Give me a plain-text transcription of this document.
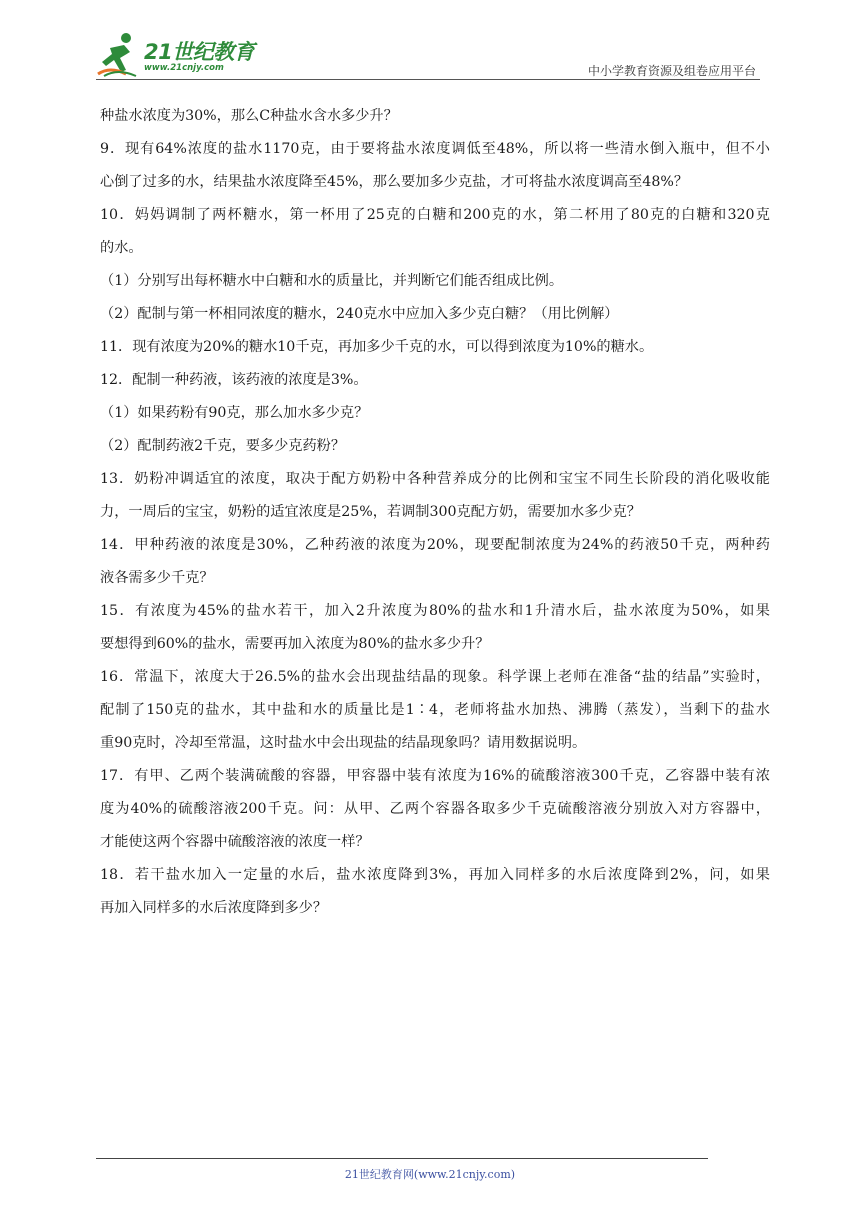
21世纪教育
www.21cnjy.com	中小学教育资源及组卷应用平台
种盐水浓度为30%，那么C种盐水含水多少升？
9．现有64%浓度的盐水1170克，由于要将盐水浓度调低至48%，所以将一些清水倒入瓶中，但不小
心倒了过多的水，结果盐水浓度降至45%，那么要加多少克盐，才可将盐水浓度调高至48%？
10．妈妈调制了两杯糖水，第一杯用了25克的白糖和200克的水，第二杯用了80克的白糖和320克
的水。
（1）分别写出每杯糖水中白糖和水的质量比，并判断它们能否组成比例。
（2）配制与第一杯相同浓度的糖水，240克水中应加入多少克白糖？（用比例解）
11．现有浓度为20%的糖水10千克，再加多少千克的水，可以得到浓度为10%的糖水。
12．配制一种药液，该药液的浓度是3%。
（1）如果药粉有90克，那么加水多少克？
（2）配制药液2千克，要多少克药粉？
13．奶粉冲调适宜的浓度，取决于配方奶粉中各种营养成分的比例和宝宝不同生长阶段的消化吸收能
力，一周后的宝宝，奶粉的适宜浓度是25%，若调制300克配方奶，需要加水多少克？
14．甲种药液的浓度是30%，乙种药液的浓度为20%，现要配制浓度为24%的药液50千克，两种药
液各需多少千克？
15．有浓度为45%的盐水若干，加入2升浓度为80%的盐水和1升清水后，盐水浓度为50%，如果
要想得到60%的盐水，需要再加入浓度为80%的盐水多少升？
16．常温下，浓度大于26.5%的盐水会出现盐结晶的现象。科学课上老师在准备“盐的结晶”实验时，
配制了150克的盐水，其中盐和水的质量比是1∶4，老师将盐水加热、沸腾（蒸发），当剩下的盐水
重90克时，冷却至常温，这时盐水中会出现盐的结晶现象吗？请用数据说明。
17．有甲、乙两个装满硫酸的容器，甲容器中装有浓度为16%的硫酸溶液300千克，乙容器中装有浓
度为40%的硫酸溶液200千克。问：从甲、乙两个容器各取多少千克硫酸溶液分别放入对方容器中，
才能使这两个容器中硫酸溶液的浓度一样？
18．若干盐水加入一定量的水后，盐水浓度降到3%，再加入同样多的水后浓度降到2%，问，如果
再加入同样多的水后浓度降到多少？
21世纪教育网(www.21cnjy.com)
